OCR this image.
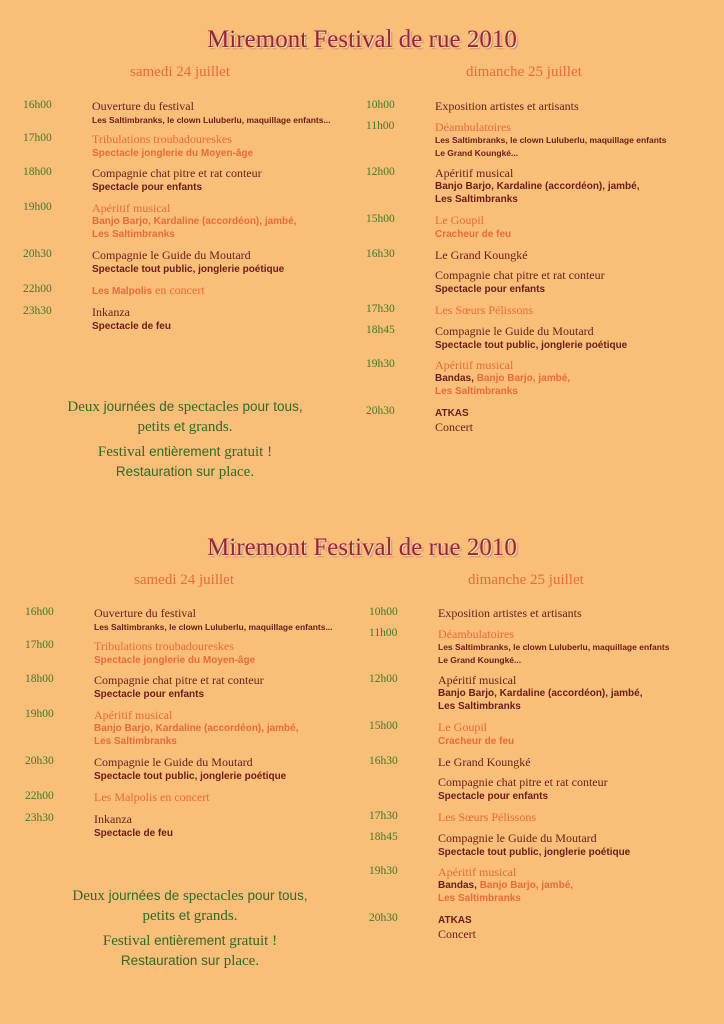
Miremont Festival de rue 2010
samedi 24 juillet	dimanche 25 juillet
16h00	Ouverture du festival
Les Saltimbranks, le clown Luluberlu, maquillage enfants...
17h00	Tribulations troubadoureskes
Spectacle jonglerie du Moyen-âge
18h00	Compagnie chat pitre et rat conteur
Spectacle pour enfants
19h00	Apéritif musical
Banjo Barjo, Kardaline (accordéon), jambé,
Les Saltimbranks
20h30	Compagnie le Guide du Moutard
Spectacle tout public, jonglerie poétique
22h00	Les Malpolis en concert
23h30	Inkanza
Spectacle de feu
10h00	Exposition artistes et artisants
11h00	Déambulatoires
Les Saltimbranks, le clown Luluberlu, maquillage enfants
Le Grand Koungké...
12h00	Apéritif musical
Banjo Barjo, Kardaline (accordéon), jambé,
Les Saltimbranks
15h00	Le Goupil
Cracheur de feu
16h30	Le Grand Koungké
Compagnie chat pitre et rat conteur
Spectacle pour enfants
17h30	Les Sœurs Pélissons
18h45	Compagnie le Guide du Moutard
Spectacle tout public, jonglerie poétique
19h30	Apéritif musical
Bandas, Banjo Barjo, jambé,
Les Saltimbranks
20h30	ATKAS
Concert
Deux journées de spectacles pour tous,
petits et grands.
Festival entièrement gratuit !
Restauration sur place.
Miremont Festival de rue 2010
samedi 24 juillet	dimanche 25 juillet
16h00	Ouverture du festival
Les Saltimbranks, le clown Luluberlu, maquillage enfants...
17h00	Tribulations troubadoureskes
Spectacle jonglerie du Moyen-âge
18h00	Compagnie chat pitre et rat conteur
Spectacle pour enfants
19h00	Apéritif musical
Banjo Barjo, Kardaline (accordéon), jambé,
Les Saltimbranks
20h30	Compagnie le Guide du Moutard
Spectacle tout public, jonglerie poétique
22h00	Les Malpolis en concert
23h30	Inkanza
Spectacle de feu
10h00	Exposition artistes et artisants
11h00	Déambulatoires
Les Saltimbranks, le clown Luluberlu, maquillage enfants
Le Grand Koungké...
12h00	Apéritif musical
Banjo Barjo, Kardaline (accordéon), jambé,
Les Saltimbranks
15h00	Le Goupil
Cracheur de feu
16h30	Le Grand Koungké
Compagnie chat pitre et rat conteur
Spectacle pour enfants
17h30	Les Sœurs Pélissons
18h45	Compagnie le Guide du Moutard
Spectacle tout public, jonglerie poétique
19h30	Apéritif musical
Bandas, Banjo Barjo, jambé,
Les Saltimbranks
20h30	ATKAS
Concert
Deux journées de spectacles pour tous,
petits et grands.
Festival entièrement gratuit !
Restauration sur place.
